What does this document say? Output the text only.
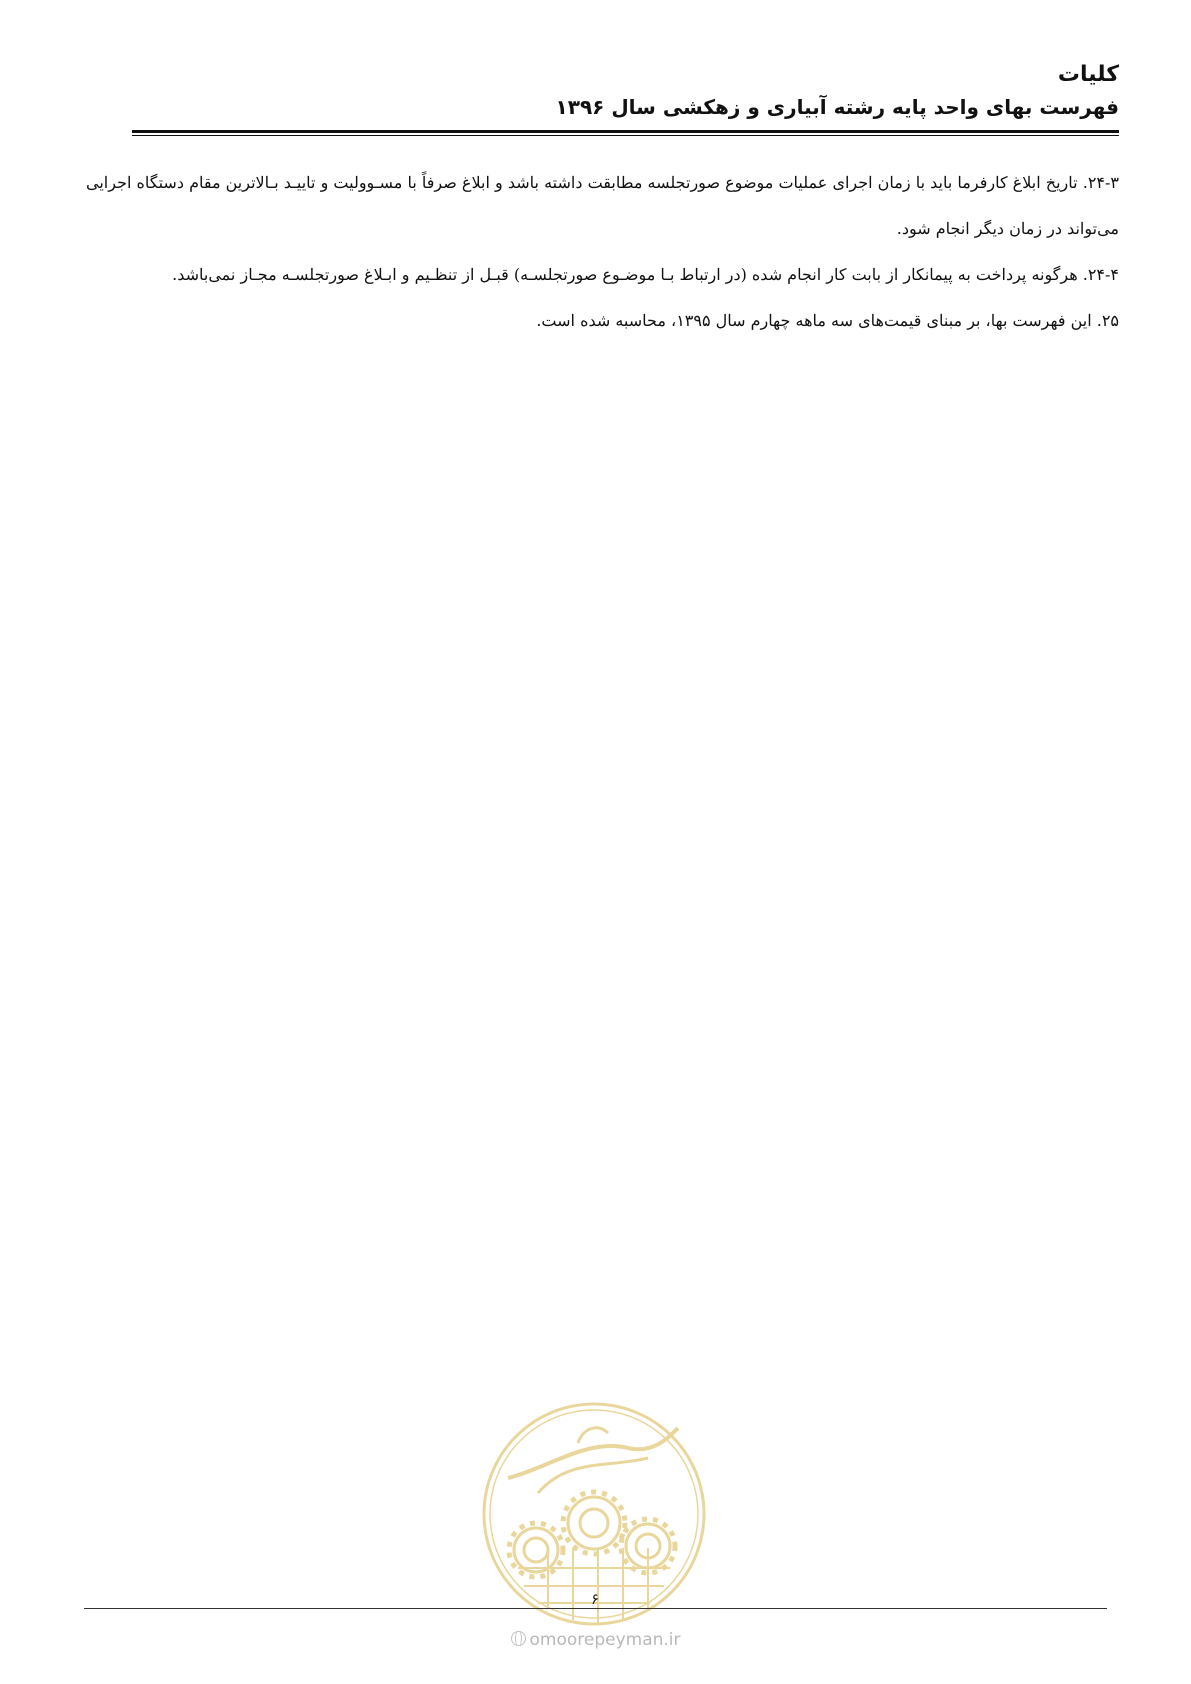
کلیات
فهرست بهای واحد پایه رشته آبیاری و زهکشی سال ۱۳۹۶

۲۴-۳. تاریخ ابلاغ کارفرما باید با زمان اجرای عملیات موضوع صورتجلسه مطابقت داشته باشد و ابلاغ صرفاً با مسـوولیت و تاییـد بـالاترین مقام دستگاه اجرایی می‌تواند در زمان دیگر انجام شود.

۲۴-۴. هرگونه پرداخت به پیمانکار از بابت کار انجام شده (در ارتباط بـا موضـوع صورتجلسـه) قبـل از تنظـیم و ابـلاغ صورتجلسـه مجـاز نمی‌باشد.

۲۵. این فهرست بها، بر مبنای قیمت‌های سه ماهه چهارم سال ۱۳۹۵، محاسبه شده است.

۶
omoorepeyman.ir
